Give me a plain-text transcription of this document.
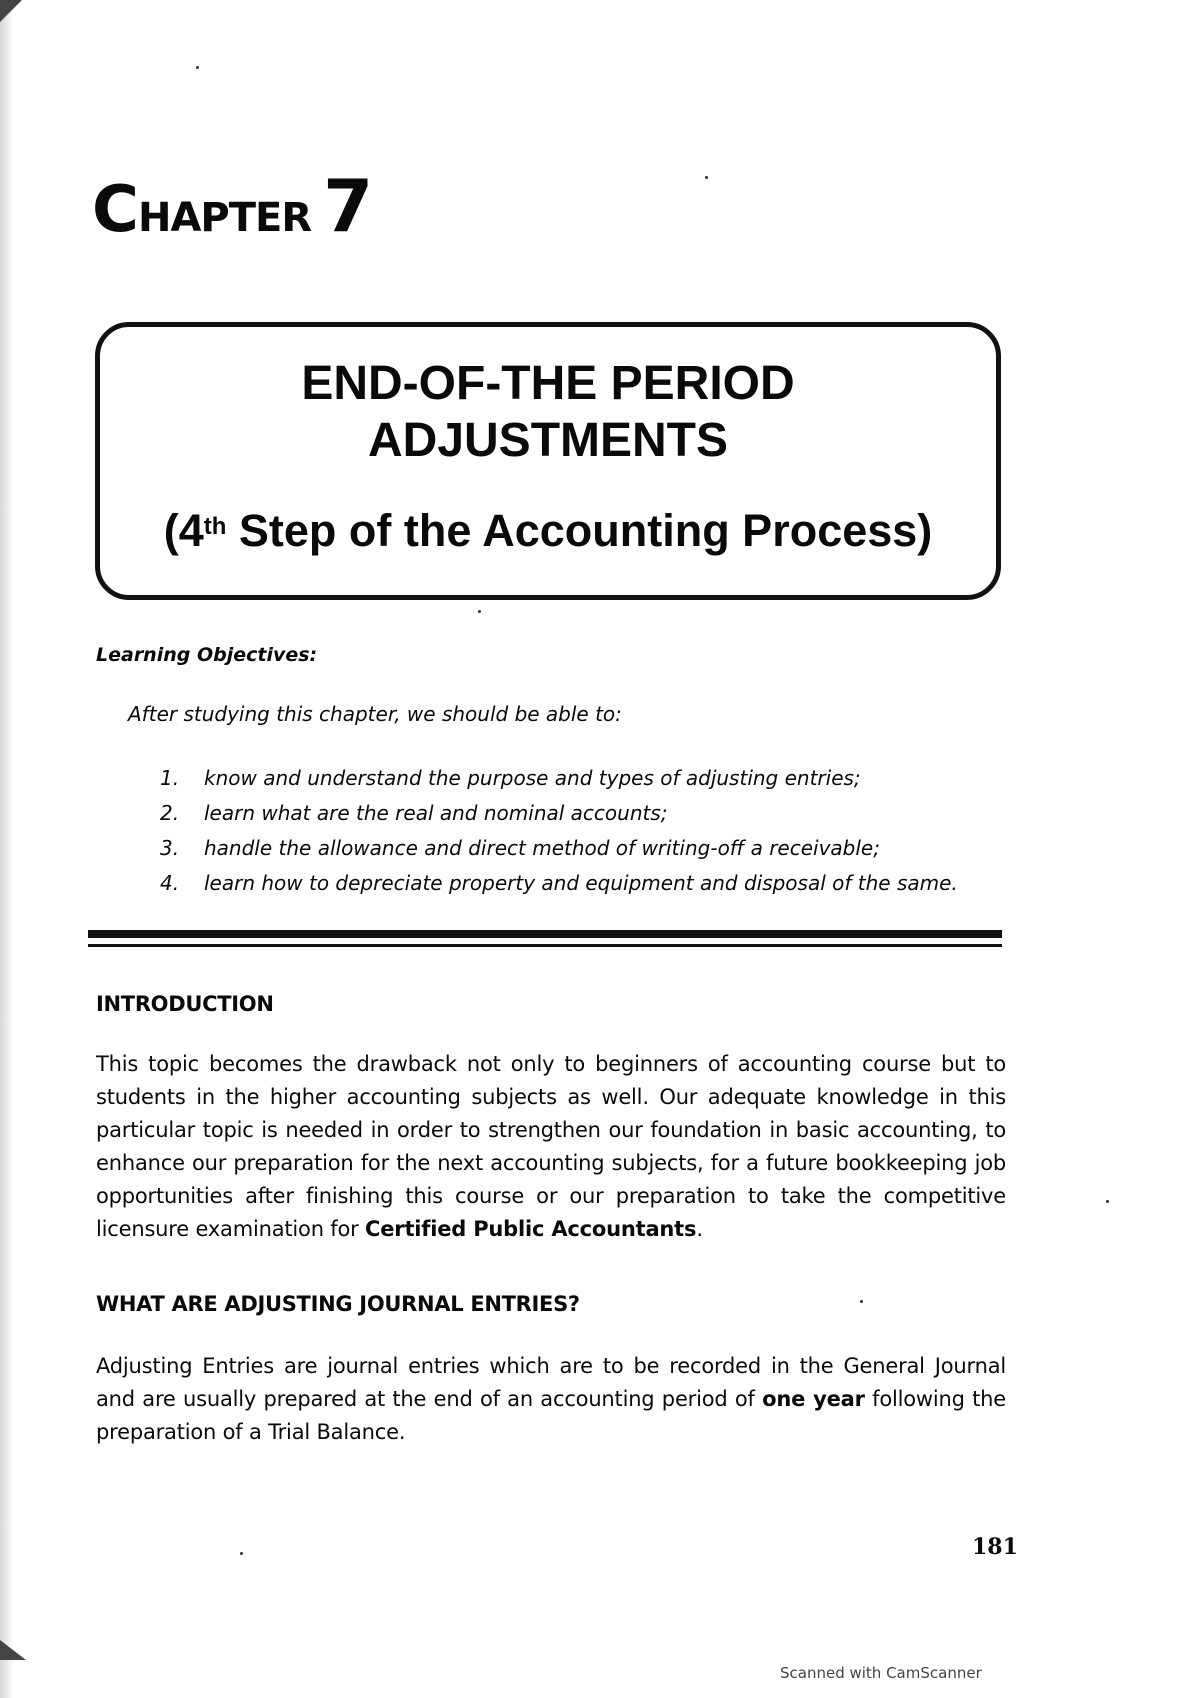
CHAPTER 7
END-OF-THE PERIOD
ADJUSTMENTS
(4th Step of the Accounting Process)
Learning Objectives:
After studying this chapter, we should be able to:
1. know and understand the purpose and types of adjusting entries;
2. learn what are the real and nominal accounts;
3. handle the allowance and direct method of writing-off a receivable;
4. learn how to depreciate property and equipment and disposal of the same.
INTRODUCTION

This topic becomes the drawback not only to beginners of accounting course but to students in the higher accounting subjects as well. Our adequate knowledge in this particular topic is needed in order to strengthen our foundation in basic accounting, to enhance our preparation for the next accounting subjects, for a future bookkeeping job opportunities after finishing this course or our preparation to take the competitive licensure examination for Certified Public Accountants.

WHAT ARE ADJUSTING JOURNAL ENTRIES?

Adjusting Entries are journal entries which are to be recorded in the General Journal and are usually prepared at the end of an accounting period of one year following the preparation of a Trial Balance.

181
Scanned with CamScanner
